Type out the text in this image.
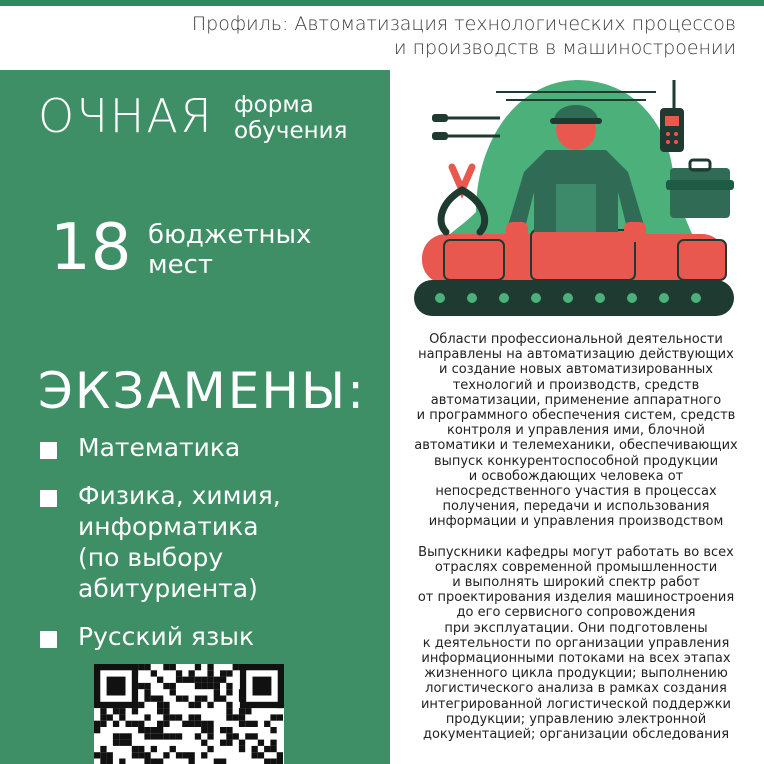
Профиль: Автоматизация технологических процессов
и производств в машиностроении
ОЧНАЯ форма
обучения
18 бюджетных
мест
ЭКЗАМЕНЫ:
Математика
Физика, химия,
информатика
(по выбору
абитуриента)
Русский язык

Области профессиональной деятельности
направлены на автоматизацию действующих
и создание новых автоматизированных
технологий и производств, средств
автоматизации, применение аппаратного
и программного обеспечения систем, средств
контроля и управления ими, блочной
автоматики и телемеханики, обеспечивающих
выпуск конкурентоспособной продукции
и освобождающих человека от
непосредственного участия в процессах
получения, передачи и использования
информации и управления производством

Выпускники кафедры могут работать во всех
отраслях современной промышленности
и выполнять широкий спектр работ
от проектирования изделия машиностроения
до его сервисного сопровождения
при эксплуатации. Они подготовлены
к деятельности по организации управления
информационными потоками на всех этапах
жизненного цикла продукции; выполнению
логистического анализа в рамках создания
интегрированной логистической поддержки
продукции; управлению электронной
документацией; организации обследования
